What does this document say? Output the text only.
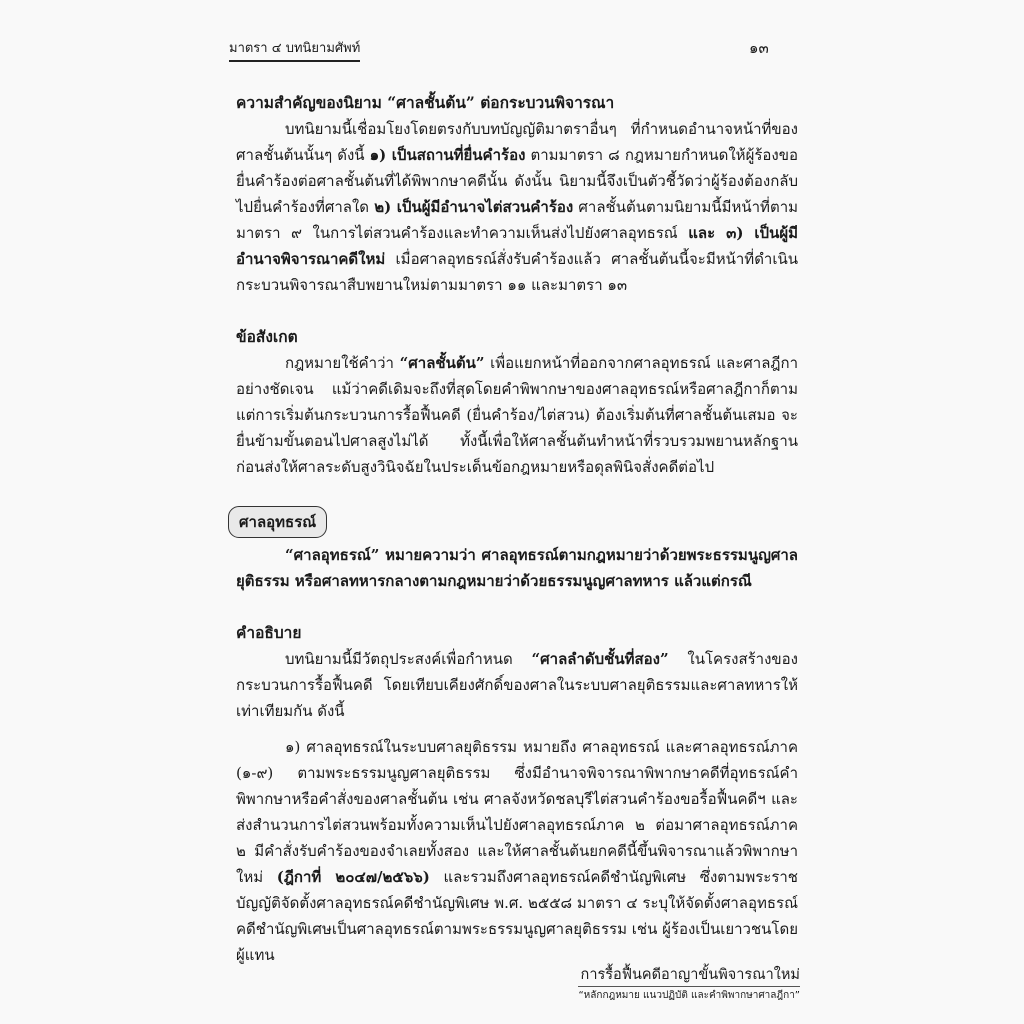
มาตรา ๔ บทนิยามศัพท์	๑๓

ความสำคัญของนิยาม “ศาลชั้นต้น” ต่อกระบวนพิจารณา

บทนิยามนี้เชื่อมโยงโดยตรงกับบทบัญญัติมาตราอื่นๆ ที่กำหนดอำนาจหน้าที่ของศาลชั้นต้นนั้นๆ ดังนี้ ๑) เป็นสถานที่ยื่นคำร้อง ตามมาตรา ๘ กฎหมายกำหนดให้ผู้ร้องขอยื่นคำร้องต่อศาลชั้นต้นที่ได้พิพากษาคดีนั้น ดังนั้น นิยามนี้จึงเป็นตัวชี้วัดว่าผู้ร้องต้องกลับไปยื่นคำร้องที่ศาลใด ๒) เป็นผู้มีอำนาจไต่สวนคำร้อง ศาลชั้นต้นตามนิยามนี้มีหน้าที่ตามมาตรา ๙ ในการไต่สวนคำร้องและทำความเห็นส่งไปยังศาลอุทธรณ์ และ ๓) เป็นผู้มีอำนาจพิจารณาคดีใหม่ เมื่อศาลอุทธรณ์สั่งรับคำร้องแล้ว ศาลชั้นต้นนี้จะมีหน้าที่ดำเนินกระบวนพิจารณาสืบพยานใหม่ตามมาตรา ๑๑ และมาตรา ๑๓

ข้อสังเกต

กฎหมายใช้คำว่า “ศาลชั้นต้น” เพื่อแยกหน้าที่ออกจากศาลอุทธรณ์ และศาลฎีกาอย่างชัดเจน แม้ว่าคดีเดิมจะถึงที่สุดโดยคำพิพากษาของศาลอุทธรณ์หรือศาลฎีกาก็ตาม แต่การเริ่มต้นกระบวนการรื้อฟื้นคดี (ยื่นคำร้อง/ไต่สวน) ต้องเริ่มต้นที่ศาลชั้นต้นเสมอ จะยื่นข้ามขั้นตอนไปศาลสูงไม่ได้ ทั้งนี้เพื่อให้ศาลชั้นต้นทำหน้าที่รวบรวมพยานหลักฐานก่อนส่งให้ศาลระดับสูงวินิจฉัยในประเด็นข้อกฎหมายหรือดุลพินิจสั่งคดีต่อไป

ศาลอุทธรณ์

“ศาลอุทธรณ์” หมายความว่า ศาลอุทธรณ์ตามกฎหมายว่าด้วยพระธรรมนูญศาลยุติธรรม หรือศาลทหารกลางตามกฎหมายว่าด้วยธรรมนูญศาลทหาร แล้วแต่กรณี

คำอธิบาย

บทนิยามนี้มีวัตถุประสงค์เพื่อกำหนด “ศาลลำดับชั้นที่สอง” ในโครงสร้างของกระบวนการรื้อฟื้นคดี โดยเทียบเคียงศักดิ์ของศาลในระบบศาลยุติธรรมและศาลทหารให้เท่าเทียมกัน ดังนี้

๑) ศาลอุทธรณ์ในระบบศาลยุติธรรม หมายถึง ศาลอุทธรณ์ และศาลอุทธรณ์ภาค (๑-๙) ตามพระธรรมนูญศาลยุติธรรม ซึ่งมีอำนาจพิจารณาพิพากษาคดีที่อุทธรณ์คำพิพากษาหรือคำสั่งของศาลชั้นต้น เช่น ศาลจังหวัดชลบุรีไต่สวนคำร้องขอรื้อฟื้นคดีฯ และส่งสำนวนการไต่สวนพร้อมทั้งความเห็นไปยังศาลอุทธรณ์ภาค ๒ ต่อมาศาลอุทธรณ์ภาค ๒ มีคำสั่งรับคำร้องของจำเลยทั้งสอง และให้ศาลชั้นต้นยกคดีนี้ขึ้นพิจารณาแล้วพิพากษาใหม่ (ฎีกาที่ ๒๐๔๗/๒๕๖๖) และรวมถึงศาลอุทธรณ์คดีชำนัญพิเศษ ซึ่งตามพระราชบัญญัติจัดตั้งศาลอุทธรณ์คดีชำนัญพิเศษ พ.ศ. ๒๕๕๘ มาตรา ๔ ระบุให้จัดตั้งศาลอุทธรณ์คดีชำนัญพิเศษเป็นศาลอุทธรณ์ตามพระธรรมนูญศาลยุติธรรม เช่น ผู้ร้องเป็นเยาวชนโดยผู้แทน

การรื้อฟื้นคดีอาญาขั้นพิจารณาใหม่
“หลักกฎหมาย แนวปฏิบัติ และคำพิพากษาศาลฎีกา”
